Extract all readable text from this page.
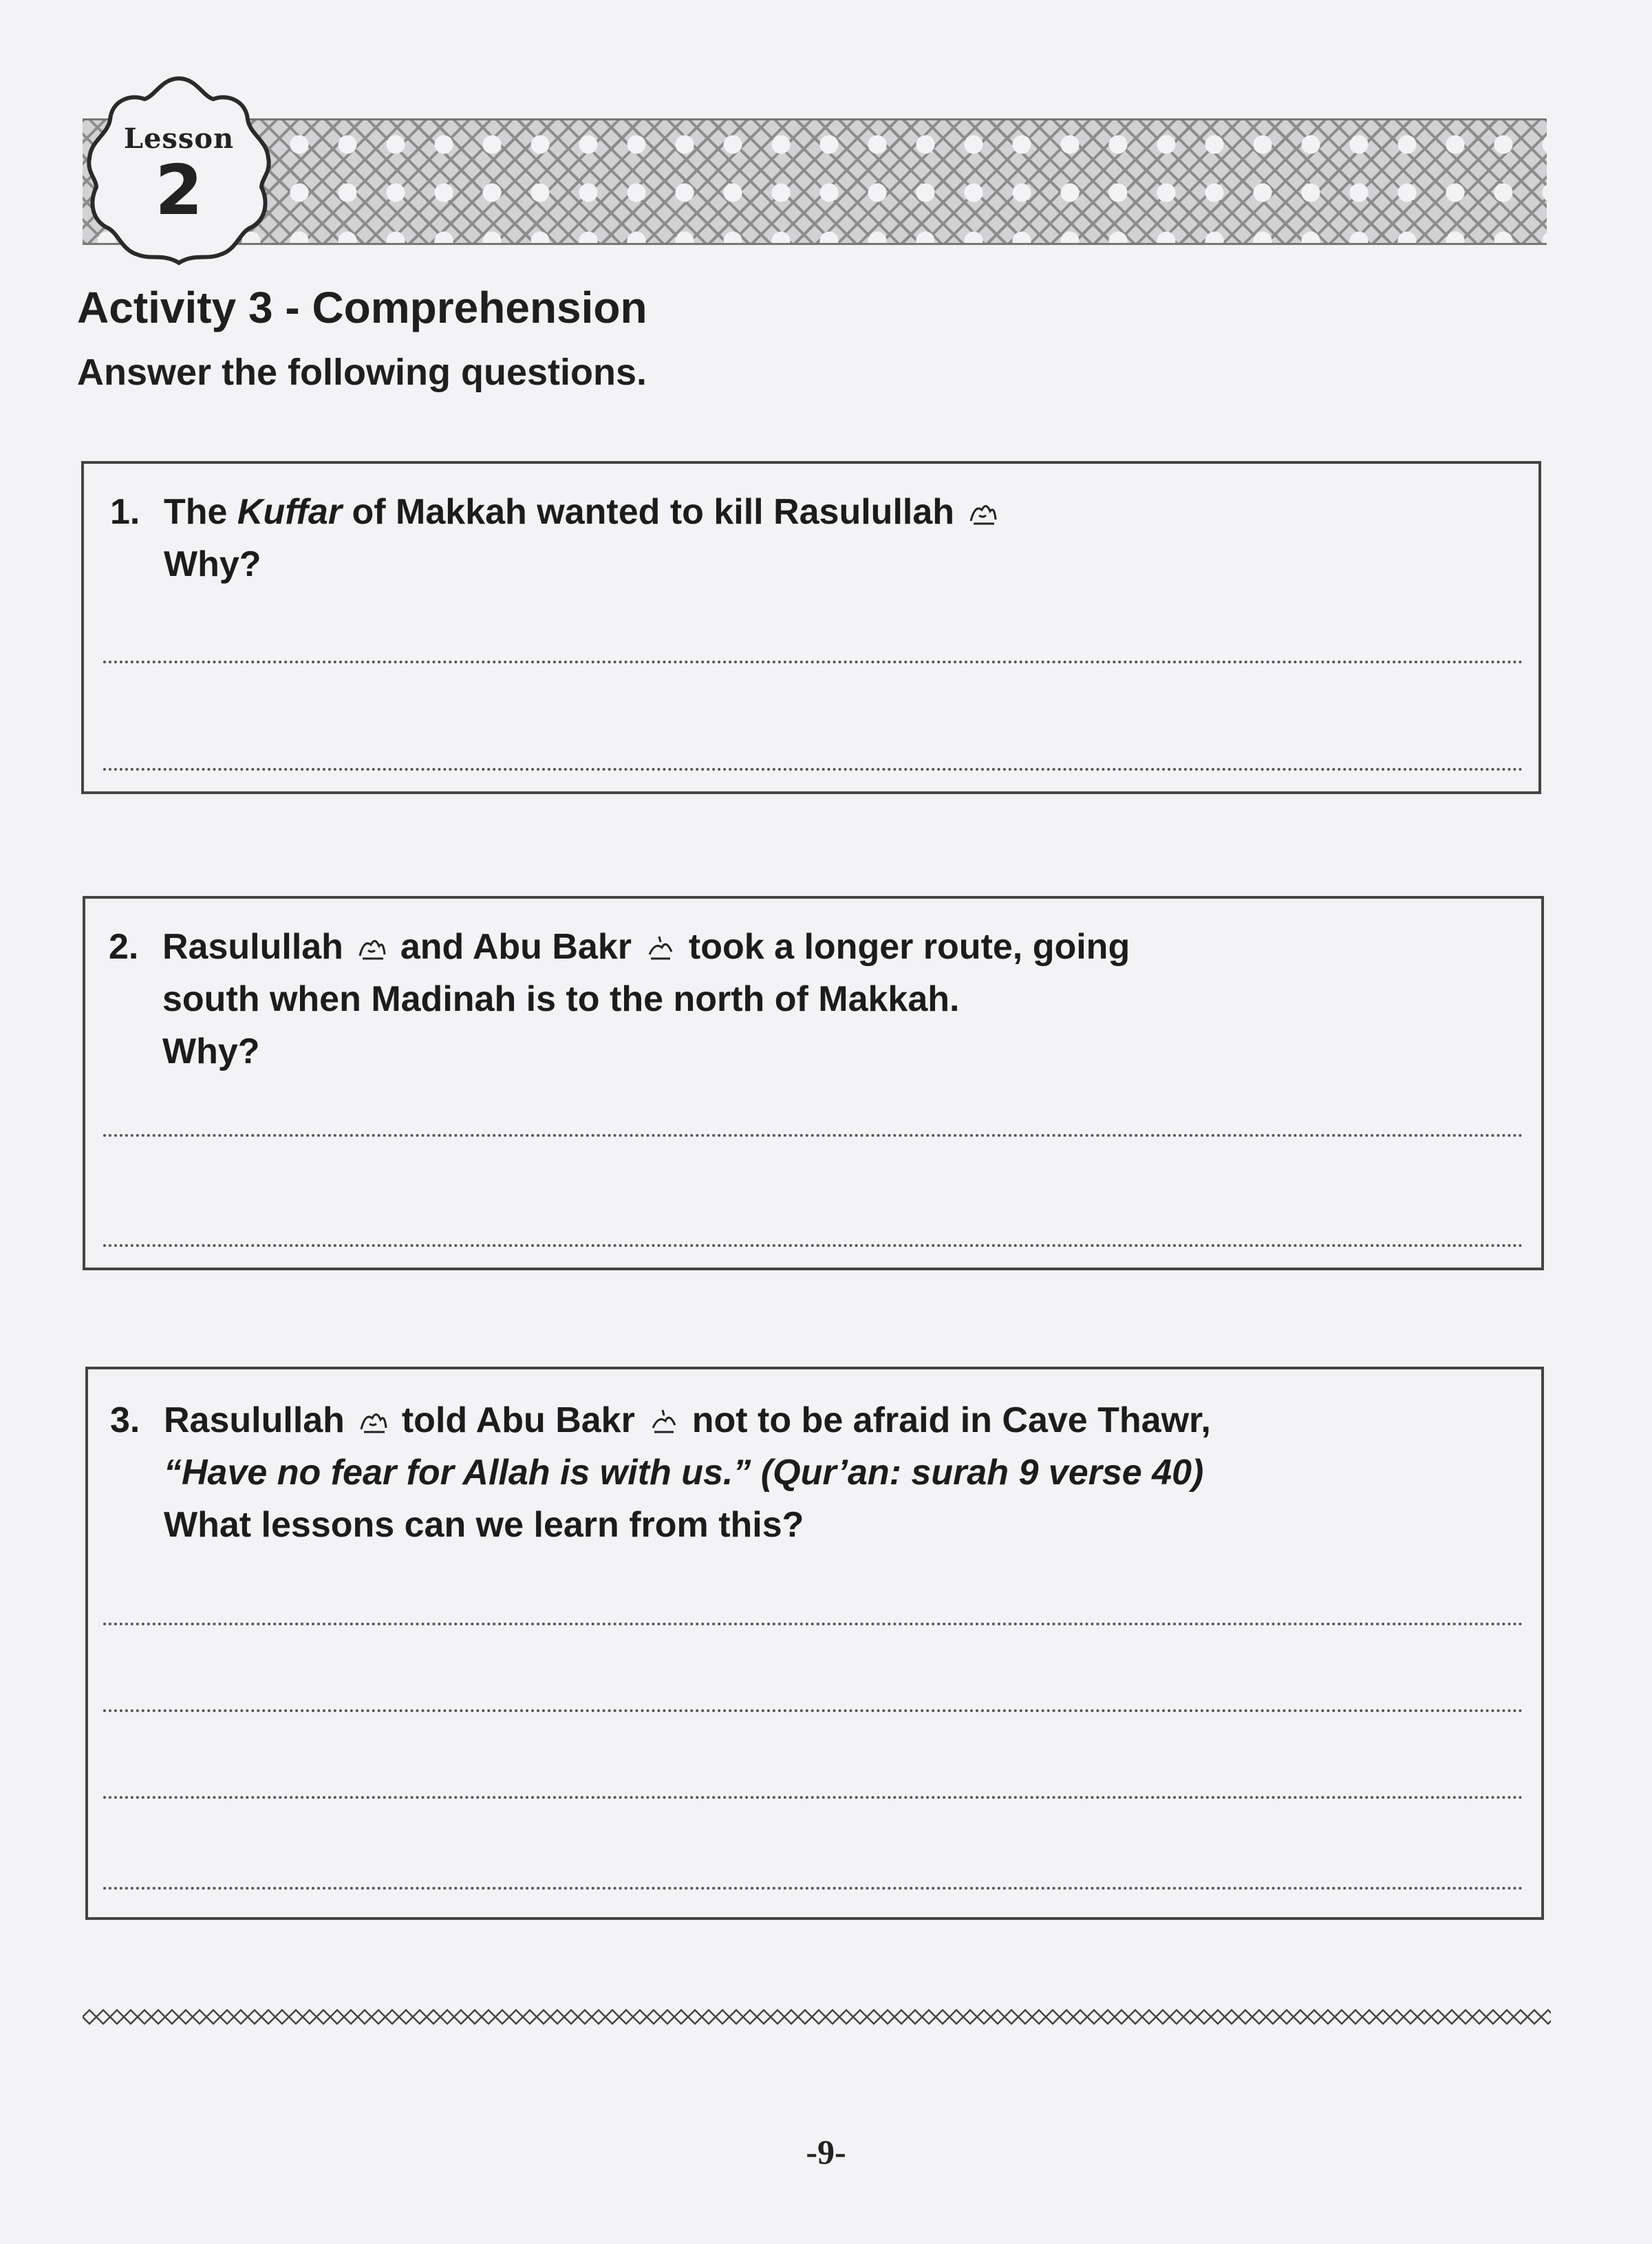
Lesson
2
Activity 3 - Comprehension
Answer the following questions.
1. The Kuffar of Makkah wanted to kill Rasulullah
Why?
2. Rasulullah and Abu Bakr took a longer route, going
south when Madinah is to the north of Makkah.
Why?
3. Rasulullah told Abu Bakr not to be afraid in Cave Thawr,
“Have no fear for Allah is with us.” (Qur’an: surah 9 verse 40)
What lessons can we learn from this?
-9-
